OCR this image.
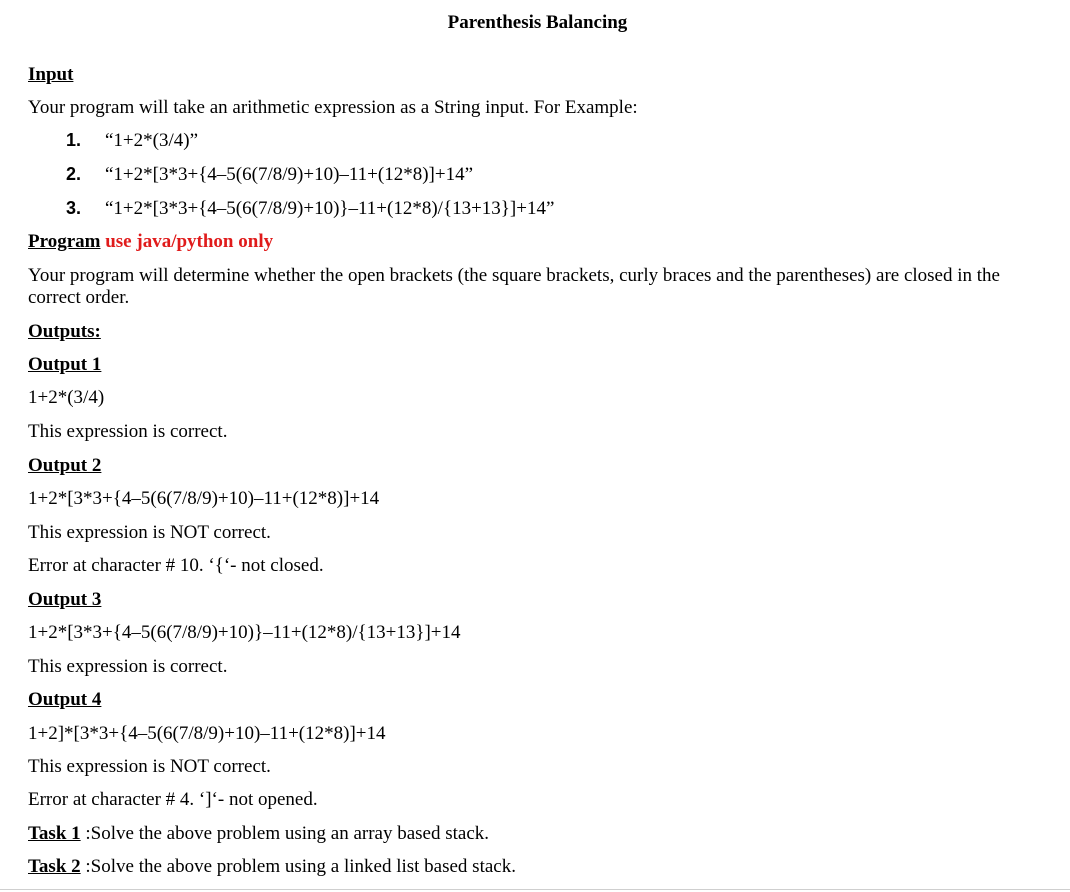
Parenthesis Balancing
Input
Your program will take an arithmetic expression as a String input. For Example:
1. “1+2*(3/4)”
2. “1+2*[3*3+{4–5(6(7/8/9)+10)–11+(12*8)]+14”
3. “1+2*[3*3+{4–5(6(7/8/9)+10)}–11+(12*8)/{13+13}]+14”
Program use java/python only
Your program will determine whether the open brackets (the square brackets, curly braces and the parentheses) are closed in the correct order.
Outputs:
Output 1
1+2*(3/4)
This expression is correct.
Output 2
1+2*[3*3+{4–5(6(7/8/9)+10)–11+(12*8)]+14
This expression is NOT correct.
Error at character # 10. ‘{‘- not closed.
Output 3
1+2*[3*3+{4–5(6(7/8/9)+10)}–11+(12*8)/{13+13}]+14
This expression is correct.
Output 4
1+2]*[3*3+{4–5(6(7/8/9)+10)–11+(12*8)]+14
This expression is NOT correct.
Error at character # 4. ‘]‘- not opened.
Task 1 :Solve the above problem using an array based stack.
Task 2 :Solve the above problem using a linked list based stack.
